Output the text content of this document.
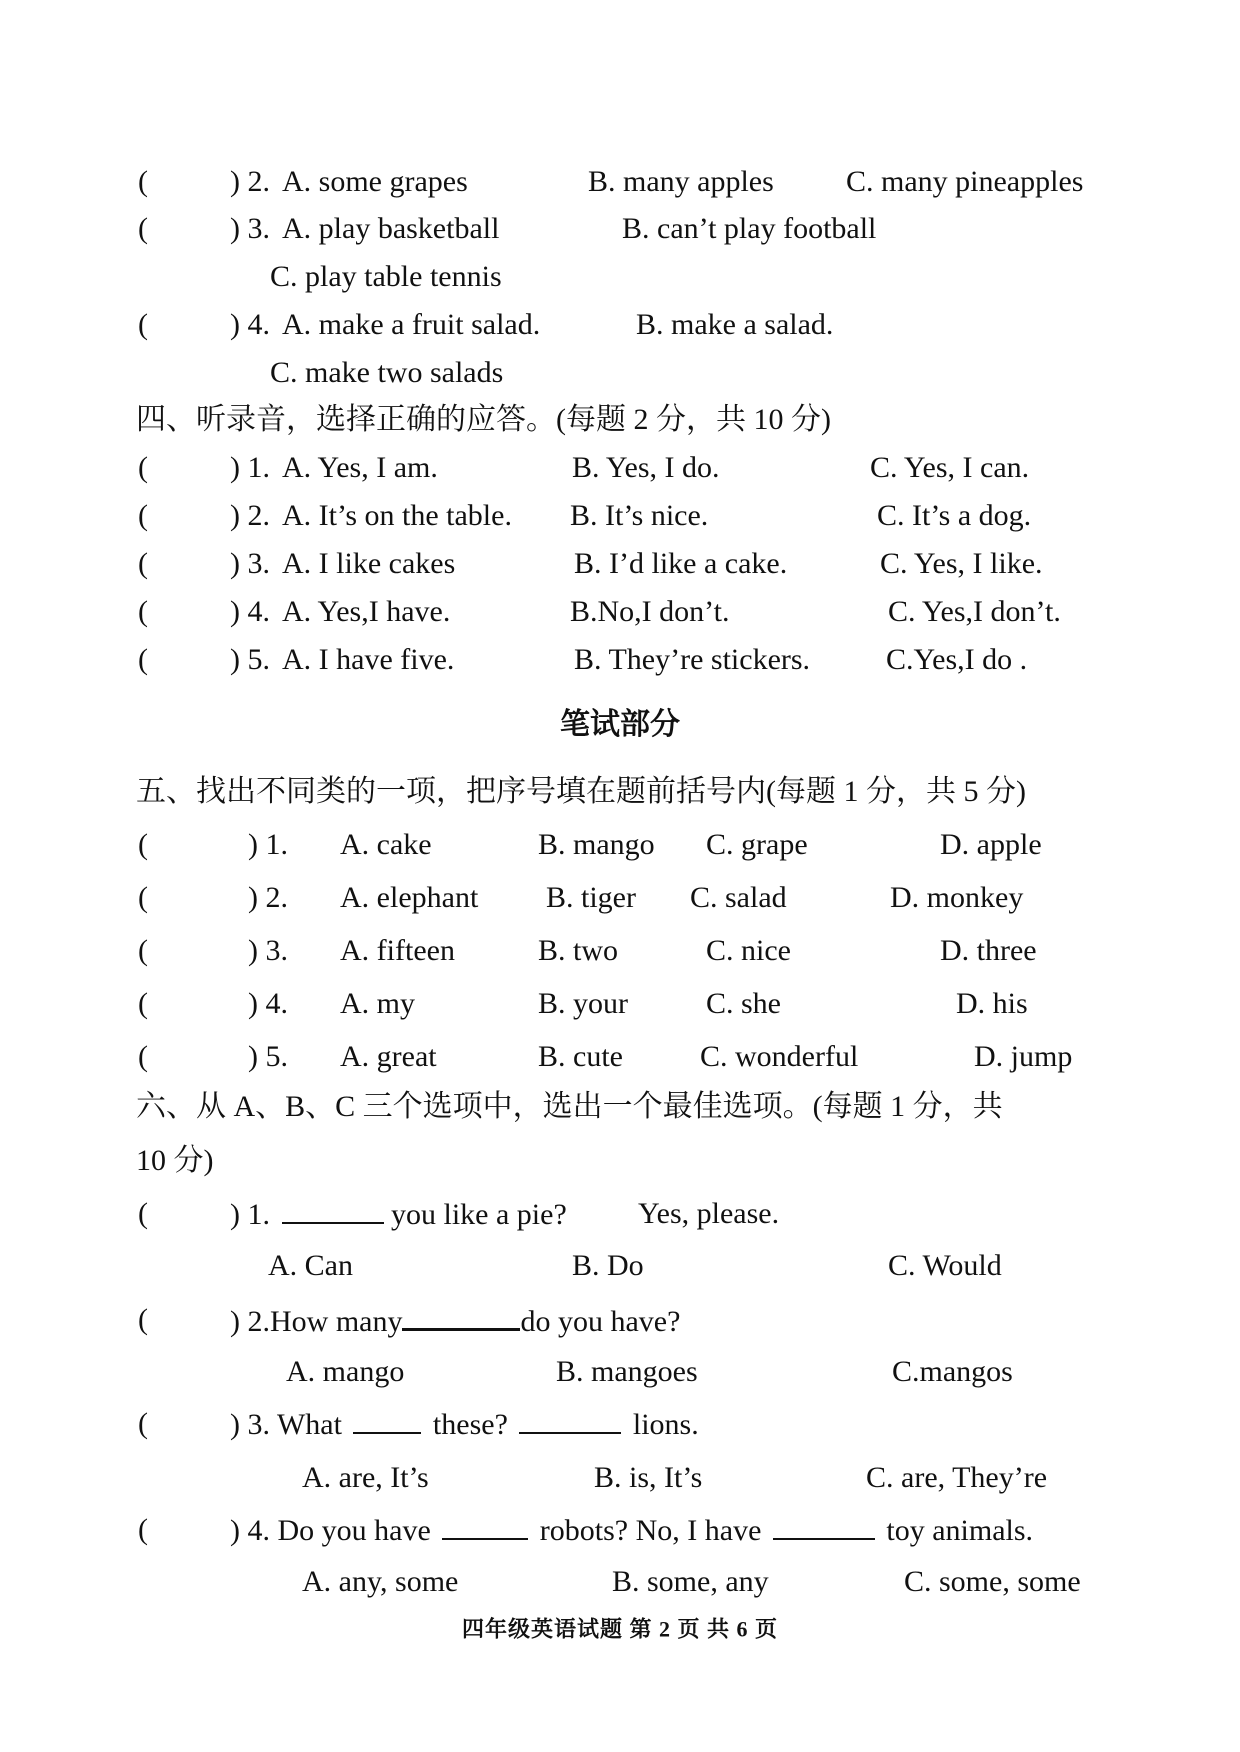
(	) 2. A. some grapes	B. many apples C. many pineapples
(	) 3. A. play basketball	B. can’t play football
C. play table tennis
(	) 4. A. make a fruit salad.	B. make a salad.
C. make two salads
四、听录音，选择正确的应答。(每题 2 分，共 10 分)
(	) 1. A. Yes, I am.	B. Yes, I do.	C. Yes, I can.
(	) 2. A. It’s on the table. B. It’s nice.	C. It’s a dog.
(	) 3. A. I like cakes	B. I’d like a cake.	C. Yes, I like.
(	) 4. A. Yes,I have.	B.No,I don’t.	C. Yes,I don’t.
(	) 5. A. I have five.	B. They’re stickers.	C.Yes,I do .
笔试部分
五、找出不同类的一项，把序号填在题前括号内(每题 1 分，共 5 分)
(	) 1. A. cake	B. mango C. grape	D. apple
(	) 2. A. elephant B. tiger C. salad	D. monkey
(	) 3. A. fifteen	B. two	C. nice	D. three
(	) 4. A. my	B. your	C. she	D. his
(	) 5. A. great	B. cute	C. wonderful	D. jump
六、从 A、B、C 三个选项中，选出一个最佳选项。(每题 1 分，共
10 分)
(	) 1.	you like a pie? Yes, please.
A. Can	B. Do	C. Would
(	) 2.How many	do you have?
A. mango	B. mangoes	C.mangos
(	) 3. What	these?	lions.
A. are, It’s	B. is, It’s	C. are, They’re
(	) 4. Do you have	robots? No, I have	toy animals.
A. any, some	B. some, any	C. some, some
四年级英语试题 第 2 页 共 6 页
